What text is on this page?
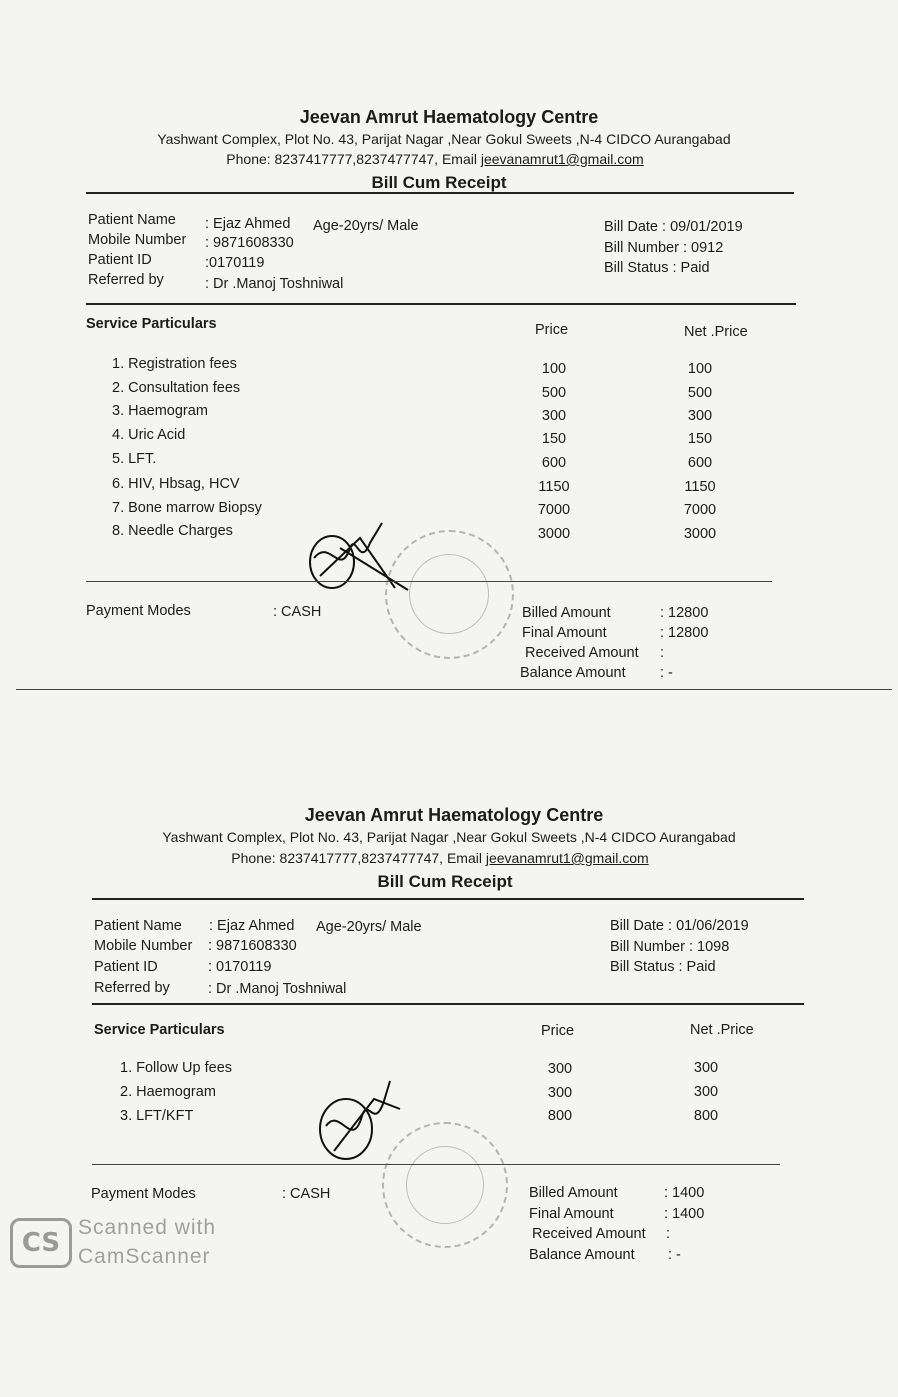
Jeevan Amrut Haematology Centre
Yashwant Complex, Plot No. 43, Parijat Nagar ,Near Gokul Sweets ,N-4 CIDCO Aurangabad
Phone: 8237417777,8237477747, Email jeevanamrut1@gmail.com
Bill Cum Receipt
Patient Name : Ejaz Ahmed Age-20yrs/ Male
Mobile Number : 9871608330
Patient ID	:0170119
Referred by	: Dr .Manoj Toshniwal
Bill Date : 09/01/2019
Bill Number : 0912
Bill Status : Paid
Service Particulars	Price	Net .Price
1. Registration fees	100	100
2. Consultation fees	500	500
3. Haemogram	300	300
4. Uric Acid	150	150
5. LFT.	600	600
6. HIV, Hbsag, HCV	1150	1150
7. Bone marrow Biopsy	7000	7000
8. Needle Charges	3000	3000
Payment Modes	: CASH	Billed Amount	: 12800
Final Amount	: 12800
Received Amount :
Balance Amount : -
Jeevan Amrut Haematology Centre
Yashwant Complex, Plot No. 43, Parijat Nagar ,Near Gokul Sweets ,N-4 CIDCO Aurangabad
Phone: 8237417777,8237477747, Email jeevanamrut1@gmail.com
Bill Cum Receipt
Patient Name : Ejaz Ahmed Age-20yrs/ Male
Mobile Number : 9871608330
Patient ID	: 0170119
Referred by	: Dr .Manoj Toshniwal
Bill Date : 01/06/2019
Bill Number : 1098
Bill Status : Paid
Service Particulars	Price	Net .Price
1. Follow Up fees	300	300
2. Haemogram	300	300
3. LFT/KFT	800	800
Payment Modes	: CASH	Billed Amount	: 1400
Final Amount	: 1400
Received Amount :
Balance Amount : -
CS
Scanned with
CamScanner
